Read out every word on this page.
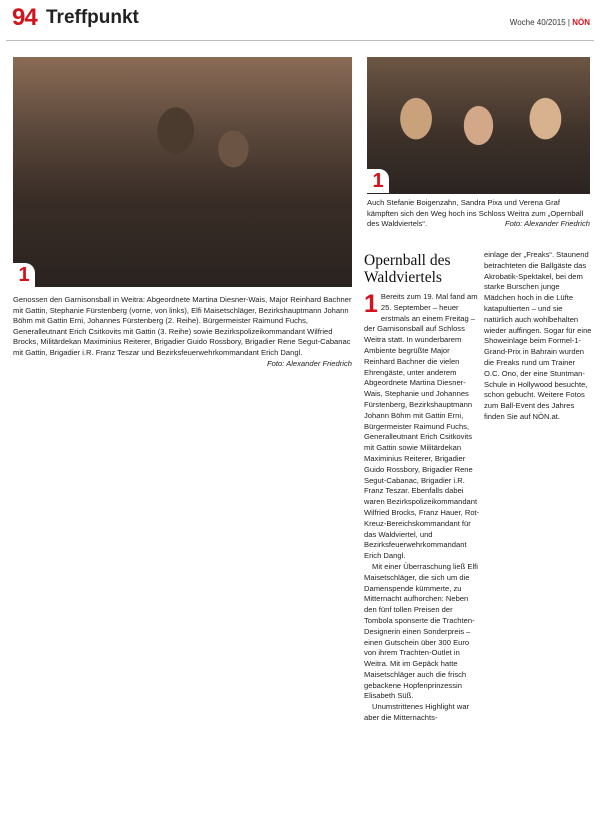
94 Treffpunkt	Woche 40/2015 | NÖN
1
Genossen den Garnisonsball in Weitra: Abgeordnete Martina Diesner-Wais, Major Reinhard Bachner mit Gattin, Stephanie Fürstenberg (vorne, von links), Elfi Maisetschläger, Bezirkshauptmann Johann Böhm mit Gattin Erni, Johannes Fürstenberg (2. Reihe). Bürgermeister Raimund Fuchs, Generalleutnant Erich Csitkovits mit Gattin (3. Reihe) sowie Bezirkspolizeikommandant Wilfried Brocks, Militärdekan Maximinius Reiterer, Brigadier Guido Rossbory, Brigadier Rene Segut-Cabanac mit Gattin, Brigadier i.R. Franz Teszar und Bezirksfeuerwehrkommandant Erich Dangl.
Foto: Alexander Friedrich
1
Auch Stefanie Boigenzahn, Sandra Pixa und Verena Graf kämpften sich den Weg hoch ins Schloss Weitra zum „Opernball des Waldviertels“.	Foto: Alexander Friedrich
Opernball des Waldviertels
1 Bereits zum 19. Mal fand am 25. September – heuer erstmals an einem Freitag – der Garnisonsball auf Schloss Weitra statt. In wunderbarem Ambiente begrüßte Major Reinhard Bachner die vielen Ehrengäste, unter anderem Abgeordnete Martina Diesner-Wais, Stephanie und Johannes Fürstenberg, Bezirkshauptmann Johann Böhm mit Gattin Erni, Bürgermeister Raimund Fuchs, Generalleutnant Erich Csitkovits mit Gattin sowie Militärdekan Maximinius Reiterer, Brigadier Guido Rossbory, Brigadier Rene Segut-Cabanac, Brigadier i.R. Franz Teszar. Ebenfalls dabei waren Bezirkspolizeikommandant Wilfried Brocks, Franz Hauer, Rot-Kreuz-Bereichskommandant für das Waldviertel, und Bezirksfeuerwehrkommandant Erich Dangl.

Mit einer Überraschung ließ Elfi Maisetschläger, die sich um die Damenspende kümmerte, zu Mitternacht aufhorchen: Neben den fünf tollen Preisen der Tombola sponserte die Trachten-Designerin einen Sonderpreis – einen Gutschein über 300 Euro von ihrem Trachten-Outlet in Weitra. Mit im Gepäck hatte Maisetschläger auch die frisch gebackene Hopfenprinzessin Elisabeth Süß.

Unumstrittenes Highlight war aber die Mitternachts-

einlage der „Freaks“. Staunend betrachteten die Ballgäste das Akrobatik-Spektakel, bei dem starke Burschen junge Mädchen hoch in die Lüfte katapultierten – und sie natürlich auch wohlbehalten wieder auffingen. Sogar für eine Showeinlage beim Formel-1-Grand-Prix in Bahrain wurden die Freaks rund um Trainer O.C. Ono, der eine Stuntman-Schule in Hollywood besuchte, schon gebucht. Weitere Fotos zum Ball-Event des Jahres finden Sie auf NÖN.at.
